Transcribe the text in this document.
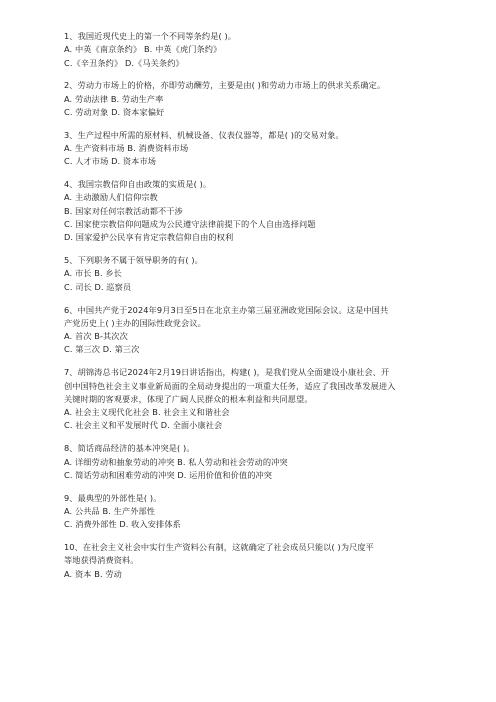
1、我国近现代史上的第一个不同等条约是( )。
A. 中英《南京条约》 B. 中英《虎门条约》
C.《辛丑条约》 D.《马关条约》
2、劳动力市场上的价格，亦即劳动酬劳，主要是由( )和劳动力市场上的供求关系确定。
A. 劳动法律 B. 劳动生产率
C. 劳动对象 D. 资本家偏好
3、生产过程中所需的原材料、机械设备、仪表仪器等，都是( )的交易对象。
A. 生产资料市场 B. 消费资料市场
C. 人才市场 D. 资本市场
4、我国宗教信仰自由政策的实质是( )。
A. 主动激励人们信仰宗教
B. 国家对任何宗教活动都不干涉
C. 国家使宗教信仰问题成为公民遵守法律前提下的个人自由选择问题
D. 国家爱护公民享有肯定宗教信仰自由的权利
5、下列职务不属于领导职务的有( )。
A. 市长 B. 乡长
C. 司长 D. 巡察员
6、中国共产党于2024年9月3日至5日在北京主办第三届亚洲政党国际会议。这是中国共
产党历史上( )主办的国际性政党会议。
A. 首次 B-其次次
C. 第三次 D. 第三次
7、胡锦涛总书记2024年2月19日讲话指出，构建( )，是我们党从全面建设小康社会、开
创中国特色社会主义事业新局面的全局动身提出的一项重大任务，适应了我国改革发展进入
关键时期的客观要求，体现了广阔人民群众的根本利益和共同愿望。
A. 社会主义现代化社会 B. 社会主义和谐社会
C. 社会主义和平发展时代 D. 全面小康社会
8、简话商品经济的基本冲突是( )。
A. 详细劳动和抽象劳动的冲突 B. 私人劳动和社会劳动的冲突
C. 简话劳动和困难劳动的冲突 D. 运用价值和价值的冲突
9、最典型的外部性是( )。
A. 公共品 B. 生产外部性
C. 消费外部性 D. 收入安排体系
10、在社会主义社会中实行生产资料公有制，这就确定了社会成员只能以( )为尺度平
等地获得消费资料。
A. 资本 B. 劳动
